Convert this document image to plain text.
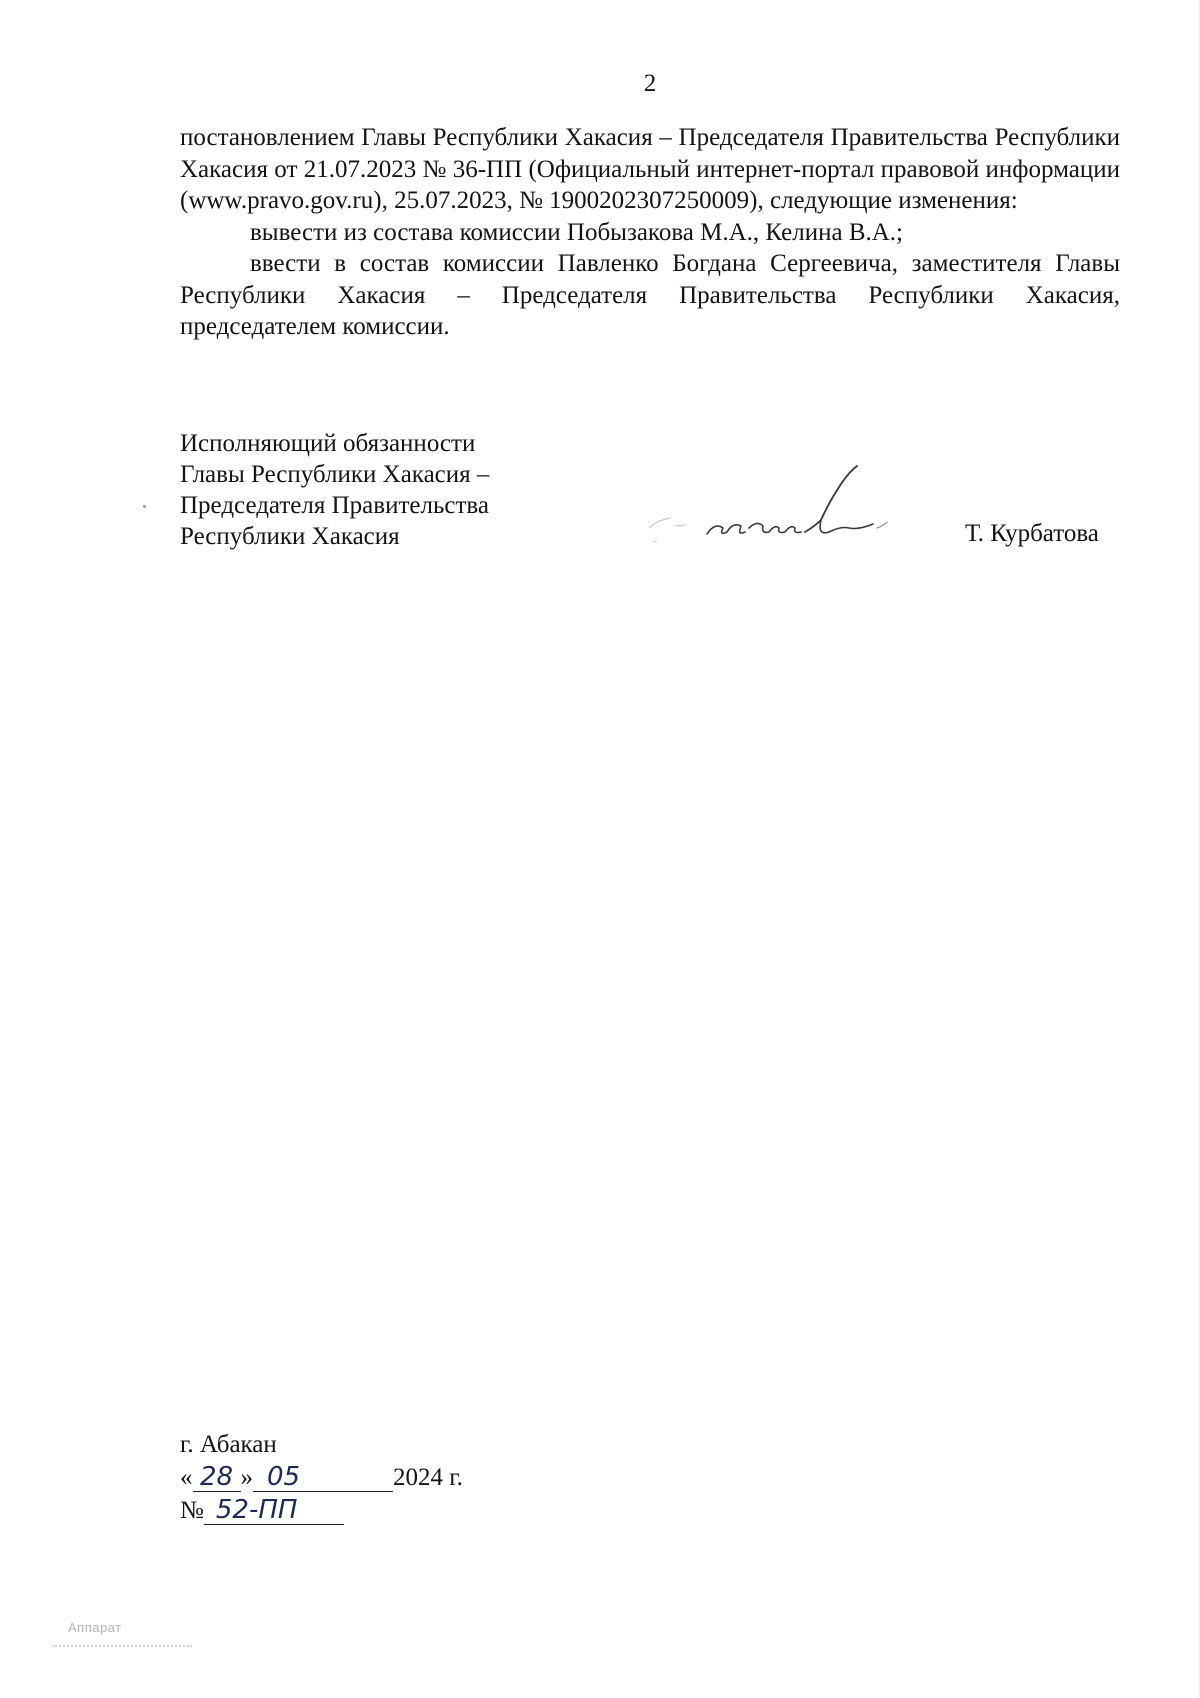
2

постановлением Главы Республики Хакасия – Председателя Правительства Республики Хакасия от 21.07.2023 № 36-ПП (Официальный интернет-портал правовой информации (www.pravo.gov.ru), 25.07.2023, № 1900202307250009), следующие изменения:

вывести из состава комиссии Побызакова М.А., Келина В.А.;

ввести в состав комиссии Павленко Богдана Сергеевича, заместителя Главы Республики Хакасия – Председателя Правительства Республики Хакасия, председателем комиссии.

Исполняющий обязанности
Главы Республики Хакасия –
Председателя Правительства
Республики Хакасия	Т. Курбатова
г. Абакан
« 28 » 05	2024 г.
№ 52-ПП
Аппарат
